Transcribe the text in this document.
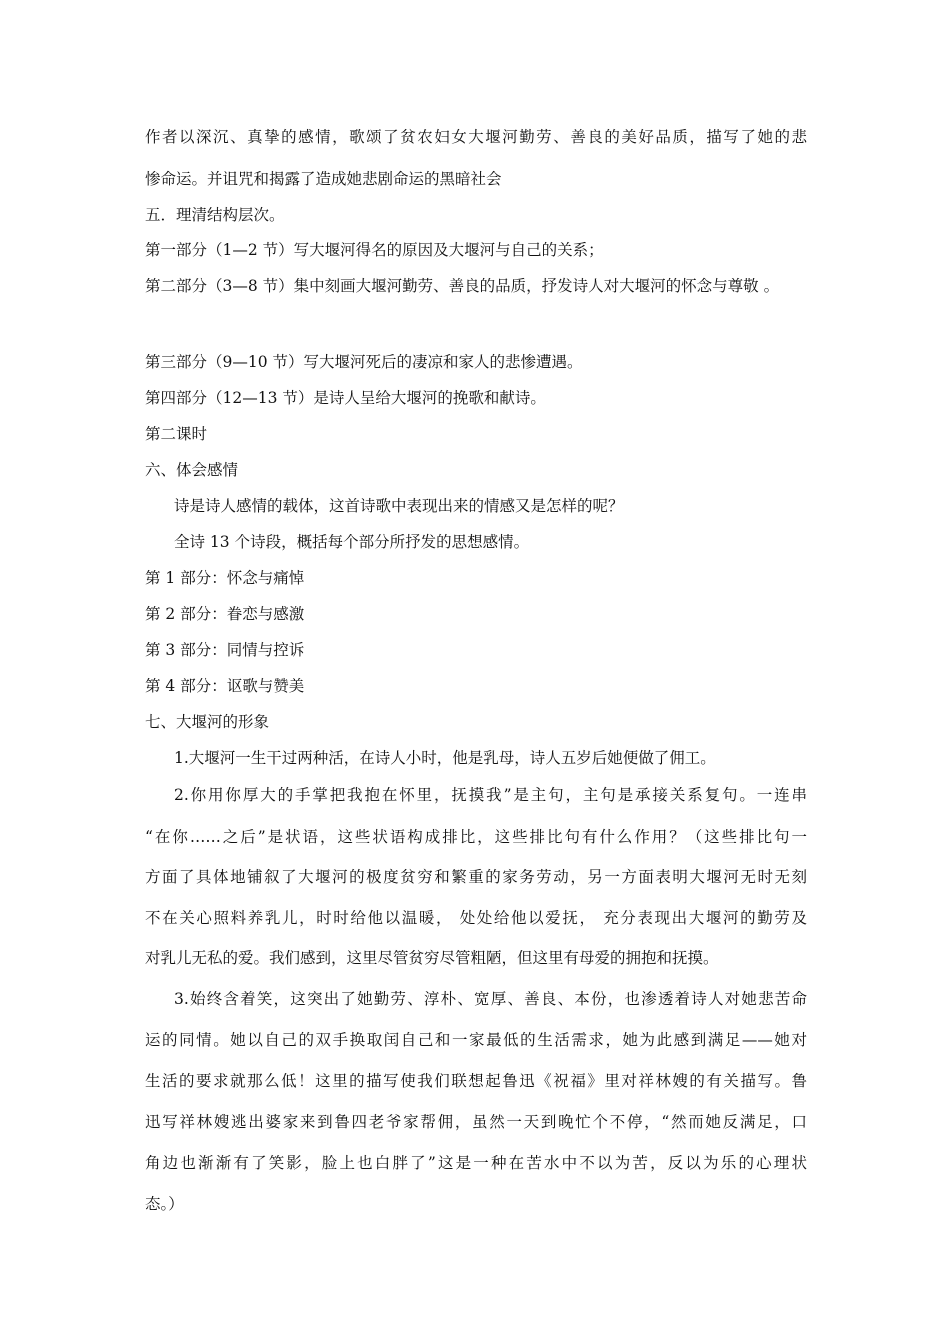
作者以深沉、真挚的感情，歌颂了贫农妇女大堰河勤劳、善良的美好品质，描写了她的悲
惨命运。并诅咒和揭露了造成她悲剧命运的黑暗社会
五．理清结构层次。
第一部分（1—2 节）写大堰河得名的原因及大堰河与自己的关系；
第二部分（3—8 节）集中刻画大堰河勤劳、善良的品质，抒发诗人对大堰河的怀念与尊敬 。
第三部分（9—10 节）写大堰河死后的凄凉和家人的悲惨遭遇。
第四部分（12—13 节）是诗人呈给大堰河的挽歌和献诗。
第二课时
六、体会感情
诗是诗人感情的载体，这首诗歌中表现出来的情感又是怎样的呢？
全诗 13 个诗段，概括每个部分所抒发的思想感情。
第 1 部分：怀念与痛悼
第 2 部分：眷恋与感激
第 3 部分：同情与控诉
第 4 部分：讴歌与赞美
七、大堰河的形象
1.大堰河一生干过两种活，在诗人小时，他是乳母，诗人五岁后她便做了佣工。
2.你用你厚大的手掌把我抱在怀里，抚摸我”是主句，主句是承接关系复句。一连串
“在你……之后”是状语，这些状语构成排比，这些排比句有什么作用？（这些排比句一
方面了具体地铺叙了大堰河的极度贫穷和繁重的家务劳动，另一方面表明大堰河无时无刻
不在关心照料养乳儿，时时给他以温暖， 处处给他以爱抚， 充分表现出大堰河的勤劳及
对乳儿无私的爱。我们感到，这里尽管贫穷尽管粗陋，但这里有母爱的拥抱和抚摸。
3.始终含着笑，这突出了她勤劳、淳朴、宽厚、善良、本份，也渗透着诗人对她悲苦命
运的同情。她以自己的双手换取闰自己和一家最低的生活需求，她为此感到满足——她对
生活的要求就那么低！这里的描写使我们联想起鲁迅《祝福》里对祥林嫂的有关描写。鲁
迅写祥林嫂逃出婆家来到鲁四老爷家帮佣，虽然一天到晚忙个不停，“然而她反满足，口
角边也渐渐有了笑影，脸上也白胖了”这是一种在苦水中不以为苦，反以为乐的心理状
态。）
